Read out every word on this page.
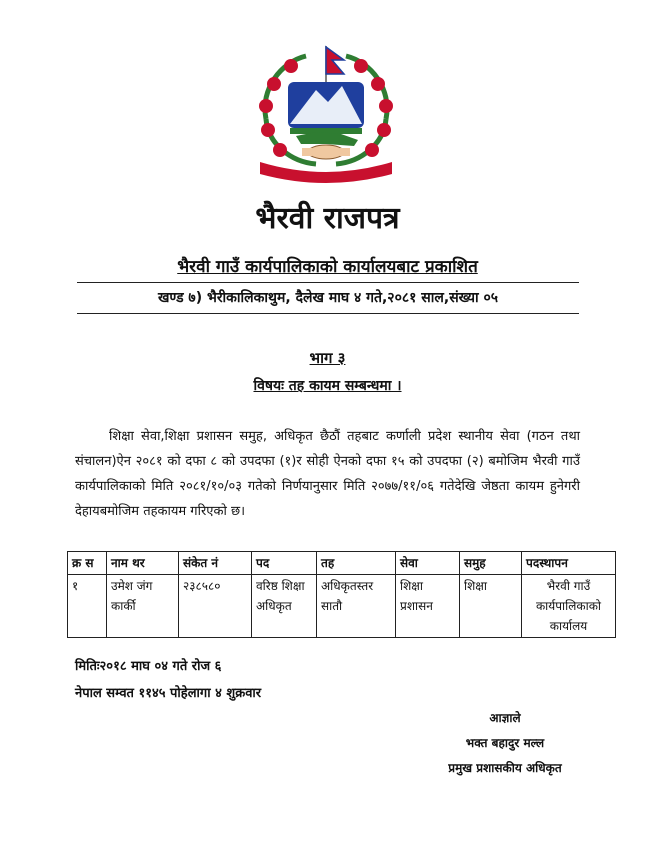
भैरवी राजपत्र
भैरवी गाउँ कार्यपालिकाको कार्यालयबाट प्रकाशित
खण्ड ७) भैरीकालिकाथुम, दैलेख माघ ४ गते,२०८१ साल,संख्या ०५
भाग ३
विषयः तह कायम सम्बन्धमा ।

शिक्षा सेवा,शिक्षा प्रशासन समुह, अधिकृत छैठौं तहबाट कर्णाली प्रदेश स्थानीय सेवा (गठन तथा संचालन)ऐन २०८१ को दफा ८ को उपदफा (१)र सोही ऐनको दफा १५ को उपदफा (२) बमोजिम भैरवी गाउँ कार्यपालिकाको मिति २०८१/१०/०३ गतेको निर्णयानुसार मिति २०७७/११/०६ गतेदेखि जेष्ठता कायम हुनेगरी देहायबमोजिम तहकायम गरिएको छ।

क्र स	नाम थर	संकेत नं	पद	तह	सेवा	समुह	पदस्थापन
१	उमेश जंग कार्की	२३८५८०	वरिष्ठ शिक्षा अधिकृत	अधिकृतस्तर सातौ	शिक्षा प्रशासन	शिक्षा	भैरवी गाउँ कार्यपालिकाको कार्यालय
मितिः२०१८ माघ ०४ गते रोज ६
नेपाल सम्वत ११४५ पोहेलागा ४ शुक्रवार
आज्ञाले
भक्त बहादुर मल्ल
प्रमुख प्रशासकीय अधिकृत
